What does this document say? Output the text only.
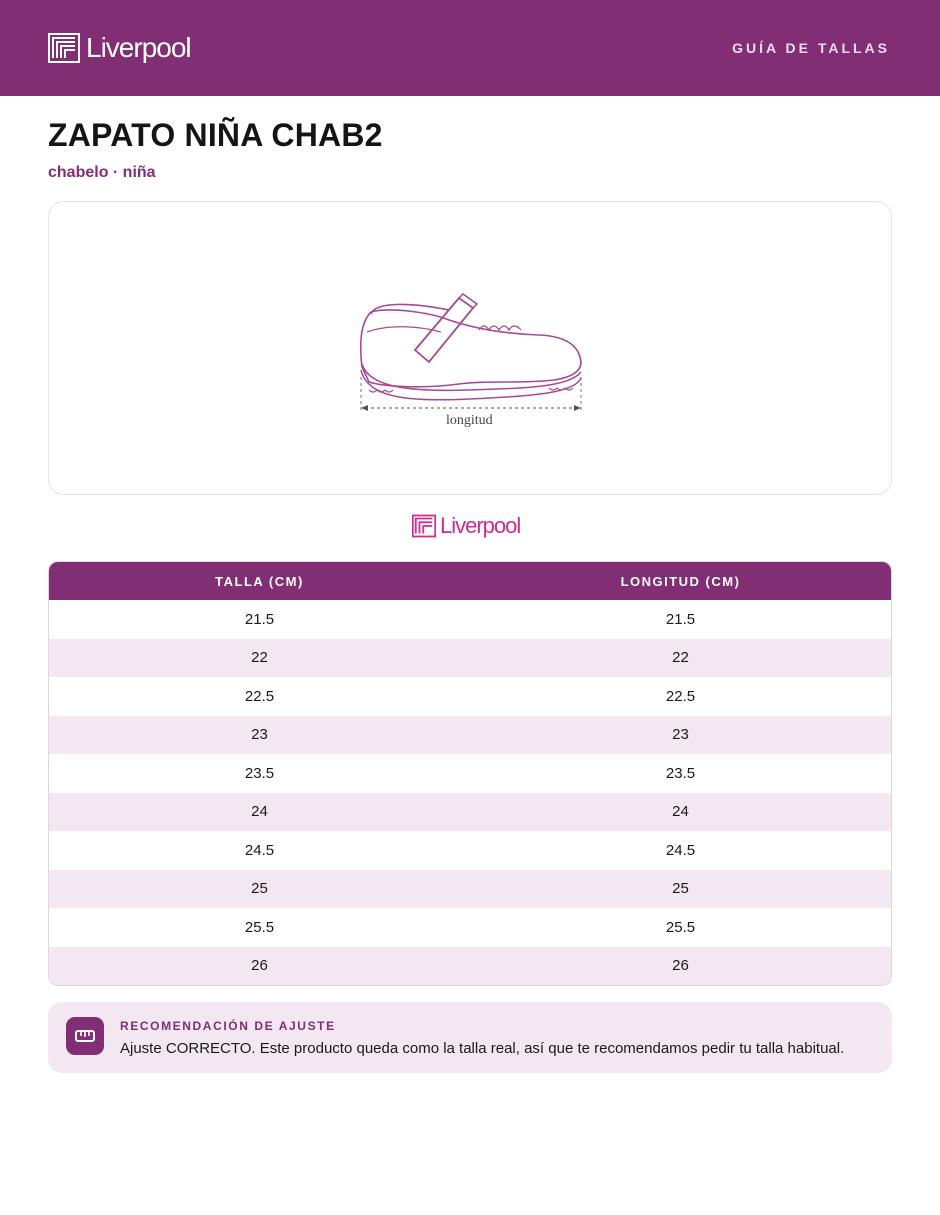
Liverpool	GUÍA DE TALLAS
ZAPATO NIÑA CHAB2
chabelo · niña
longitud
Liverpool
TALLA (CM)	LONGITUD (CM)
21.5	21.5
22	22
22.5	22.5
23	23
23.5	23.5
24	24
24.5	24.5
25	25
25.5	25.5
26	26
RECOMENDACIÓN DE AJUSTE
Ajuste CORRECTO. Este producto queda como la talla real, así que te recomendamos pedir tu talla habitual.
